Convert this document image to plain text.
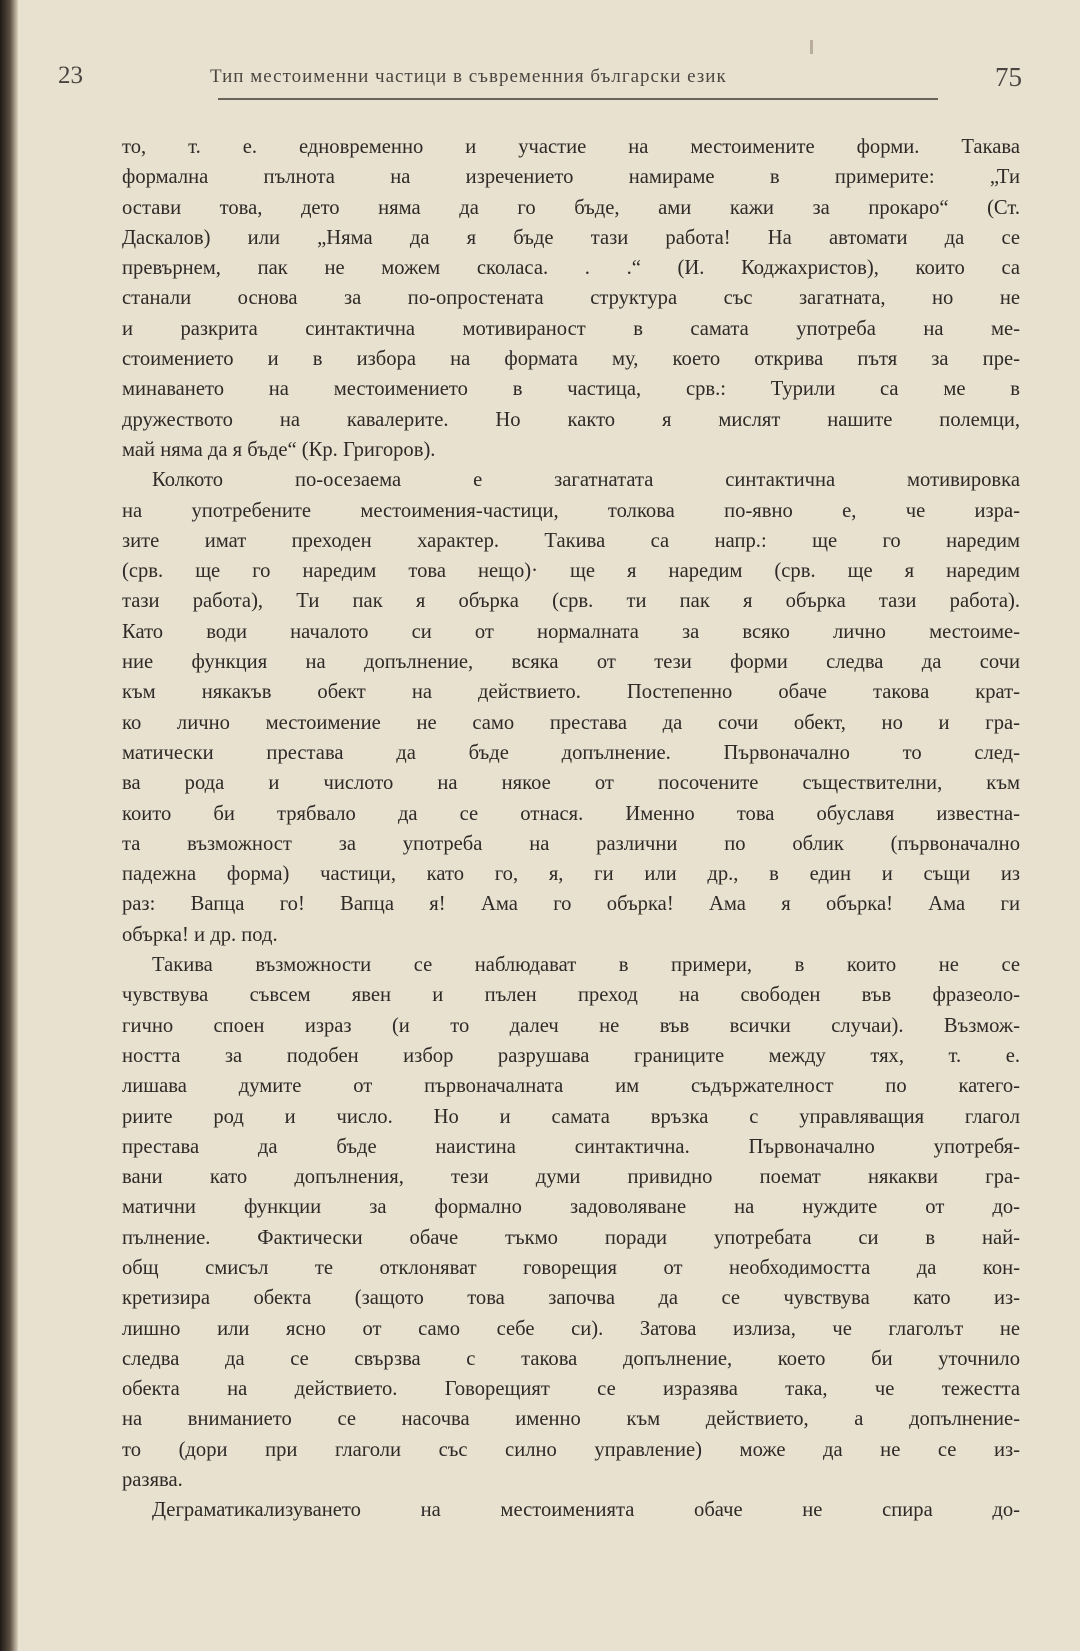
23	Тип местоименни частици в съвременния български език	75
то, т. е. едновременно и участие на местоимените форми. Такава
формална пълнота на изречението намираме в примерите: „Ти
остави това, дето няма да го бъде, ами кажи за прокаро“ (Ст.
Даскалов) или „Няма да я бъде тази работа! На автомати да се
превърнем, пак не можем сколаса. . .“ (И. Коджахристов), които са
станали основа за по-опростената структура със загатната, но не
и разкрита синтактична мотивираност в самата употреба на ме-
стоимението и в избора на формата му, което открива пътя за пре-
минаването на местоимението в частица, срв.: Турили са ме в
дружеството на кавалерите. Но както я мислят нашите полемци,
май няма да я бъде“ (Кр. Григоров).
Колкото по-осезаема е загатнатата синтактична мотивировка
на употребените местоимения-частици, толкова по-явно е, че изра-
зите имат преходен характер. Такива са напр.: ще го наредим
(срв. ще го наредим това нещо)· ще я наредим (срв. ще я наредим
тази работа), Ти пак я объркa (срв. ти пак я обърка тази работа).
Като води началото си от нормалната за всяко лично местоиме-
ние функция на допълнение, всяка от тези форми следва да сочи
към някакъв обект на действието. Постепенно обаче такова крат-
ко лично местоимение не само престава да сочи обект, но и гра-
матически престава да бъде допълнение. Първоначално то след-
ва рода и числото на някое от посочените съществителни, към
които би трябвало да се отнася. Именно това обуславя известна-
та възможност за употреба на различни по облик (първоначално
падежна форма) частици, като го, я, ги или др., в един и същи из
раз: Вапца го! Вапца я! Ама го обърка! Ама я обърка! Ама ги
обърка! и др. под.
Такива възможности се наблюдават в примери, в които не се
чувствува съвсем явен и пълен преход на свободен във фразеоло-
гично споен израз (и то далеч не във всички случаи). Възмож-
ността за подобен избор разрушава границите между тях, т. е.
лишава думите от първоначалната им съдържателност по катего-
риите род и число. Но и самата връзка с управляващия глагол
престава да бъде наистина синтактична. Първоначално употребя-
вани като допълнения, тези думи привидно поемат някакви гра-
матични функции за формално задоволяване на нуждите от до-
пълнение. Фактически обаче тъкмо поради употребата си в най-
общ смисъл те отклоняват говорещия от необходимостта да кон-
кретизира обекта (защото това започва да се чувствува като из-
лишно или ясно от само себе си). Затова излиза, че глаголът не
следва да се свързва с такова допълнение, което би уточнило
обекта на действието. Говорещият се изразява така, че тежестта
на вниманието се насочва именно към действието, а допълнение-
то (дори при глаголи със силно управление) може да не се из-
разява.
Деграматикализуването на местоименията обаче не спира до-
